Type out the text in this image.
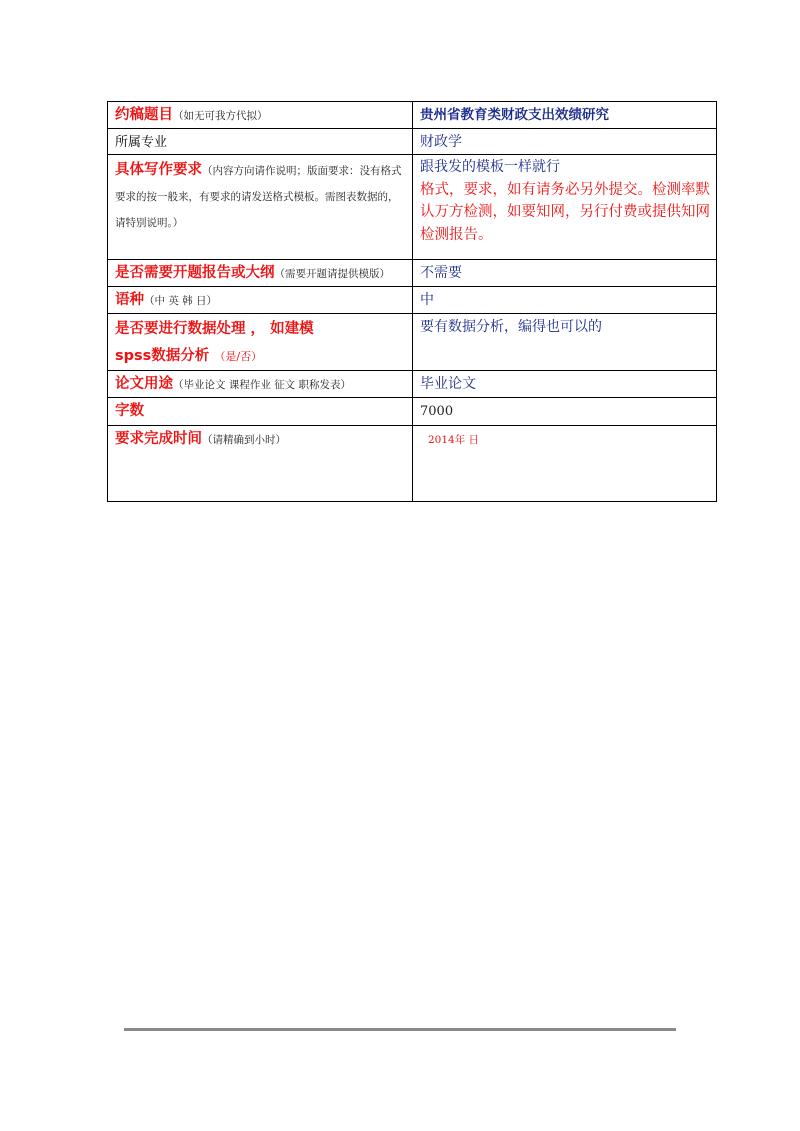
约稿题目（如无可我方代拟）	贵州省教育类财政支出效绩研究
所属专业	财政学

具体写作要求（内容方向请作说明；版面要求：没有格式要求的按一般来，有要求的请发送格式模板。需图表数据的，请特别说明。）	跟我发的模板一样就行
格式，要求，如有请务必另外提交。检测率默认万方检测，如要知网，另行付费或提供知网检测报告。

是否需要开题报告或大纲（需要开题请提供模版）	不需要
语种（中 英 韩 日）	中

是否要进行数据处理 ， 如建模
spss数据分析 （是/否）	要有数据分析，编得也可以的
论文用途（毕业论文 课程作业 征文 职称发表）	毕业论文
字数	7000
要求完成时间（请精确到小时）	2014年 日
